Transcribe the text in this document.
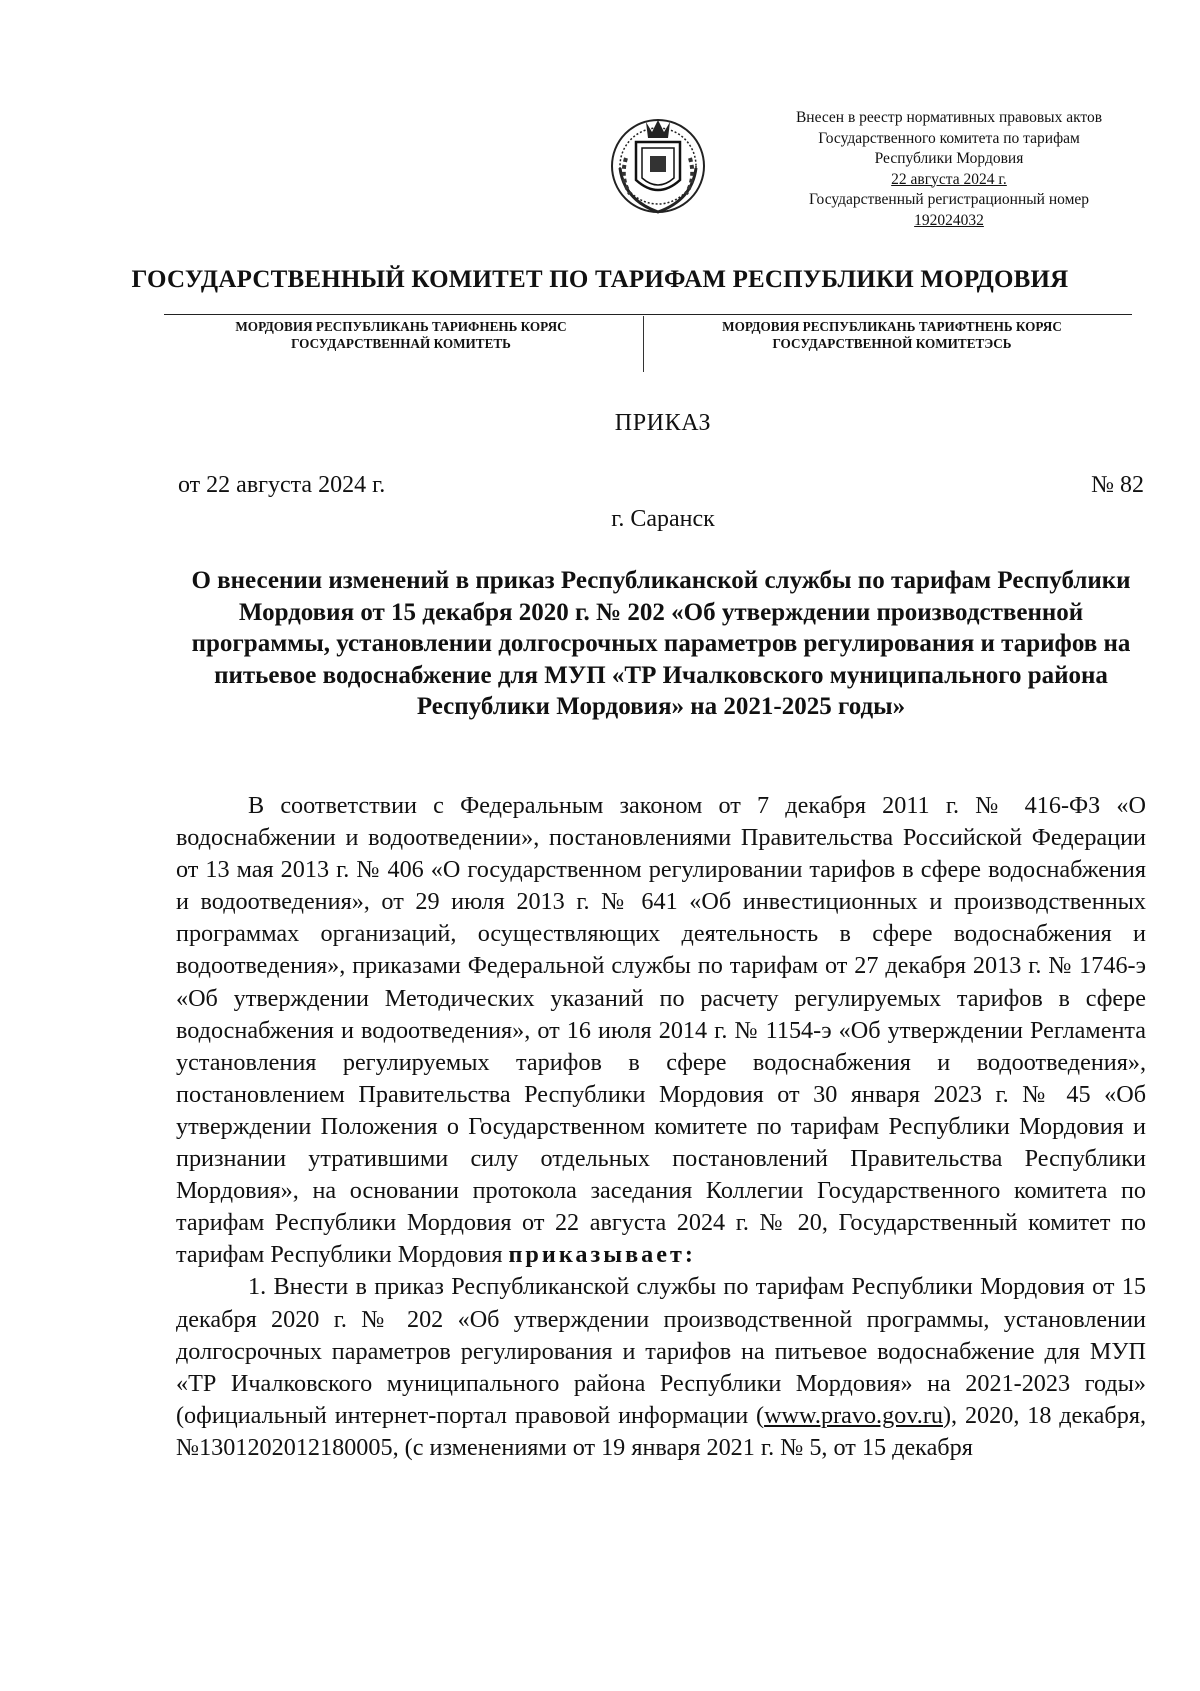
Внесен в реестр нормативных правовых актов
Государственного комитета по тарифам
Республики Мордовия
22 августа 2024 г.
Государственный регистрационный номер
192024032
ГОСУДАРСТВЕННЫЙ КОМИТЕТ ПО ТАРИФАМ РЕСПУБЛИКИ МОРДОВИЯ
МОРДОВИЯ РЕСПУБЛИКАНЬ ТАРИФНЕНЬ КОРЯС
ГОСУДАРСТВЕННАЙ КОМИТЕТЬ
МОРДОВИЯ РЕСПУБЛИКАНЬ ТАРИФТНЕНЬ КОРЯС
ГОСУДАРСТВЕННОЙ КОМИТЕТЭСЬ
ПРИКАЗ
от 22 августа 2024 г.	№ 82
г. Саранск
О внесении изменений в приказ Республиканской службы по тарифам Республики Мордовия от 15 декабря 2020 г. № 202 «Об утверждении производственной программы, установлении долгосрочных параметров регулирования и тарифов на питьевое водоснабжение для МУП «ТР Ичалковского муниципального района Республики Мордовия» на 2021-2025 годы»

В соответствии с Федеральным законом от 7 декабря 2011 г. № 416-ФЗ «О водоснабжении и водоотведении», постановлениями Правительства Российской Федерации от 13 мая 2013 г. № 406 «О государственном регулировании тарифов в сфере водоснабжения и водоотведения», от 29 июля 2013 г. № 641 «Об инвестиционных и производственных программах организаций, осуществляющих деятельность в сфере водоснабжения и водоотведения», приказами Федеральной службы по тарифам от 27 декабря 2013 г. № 1746-э «Об утверждении Методических указаний по расчету регулируемых тарифов в сфере водоснабжения и водоотведения», от 16 июля 2014 г. № 1154-э «Об утверждении Регламента установления регулируемых тарифов в сфере водоснабжения и водоотведения», постановлением Правительства Республики Мордовия от 30 января 2023 г. № 45 «Об утверждении Положения о Государственном комитете по тарифам Республики Мордовия и признании утратившими силу отдельных постановлений Правительства Республики Мордовия», на основании протокола заседания Коллегии Государственного комитета по тарифам Республики Мордовия от 22 августа 2024 г. № 20, Государственный комитет по тарифам Республики Мордовия приказывает:

1. Внести в приказ Республиканской службы по тарифам Республики Мордовия от 15 декабря 2020 г. № 202 «Об утверждении производственной программы, установлении долгосрочных параметров регулирования и тарифов на питьевое водоснабжение для МУП «ТР Ичалковского муниципального района Республики Мордовия» на 2021-2023 годы» (официальный интернет-портал правовой информации (www.pravo.gov.ru), 2020, 18 декабря, №1301202012180005, (с изменениями от 19 января 2021 г. № 5, от 15 декабря
